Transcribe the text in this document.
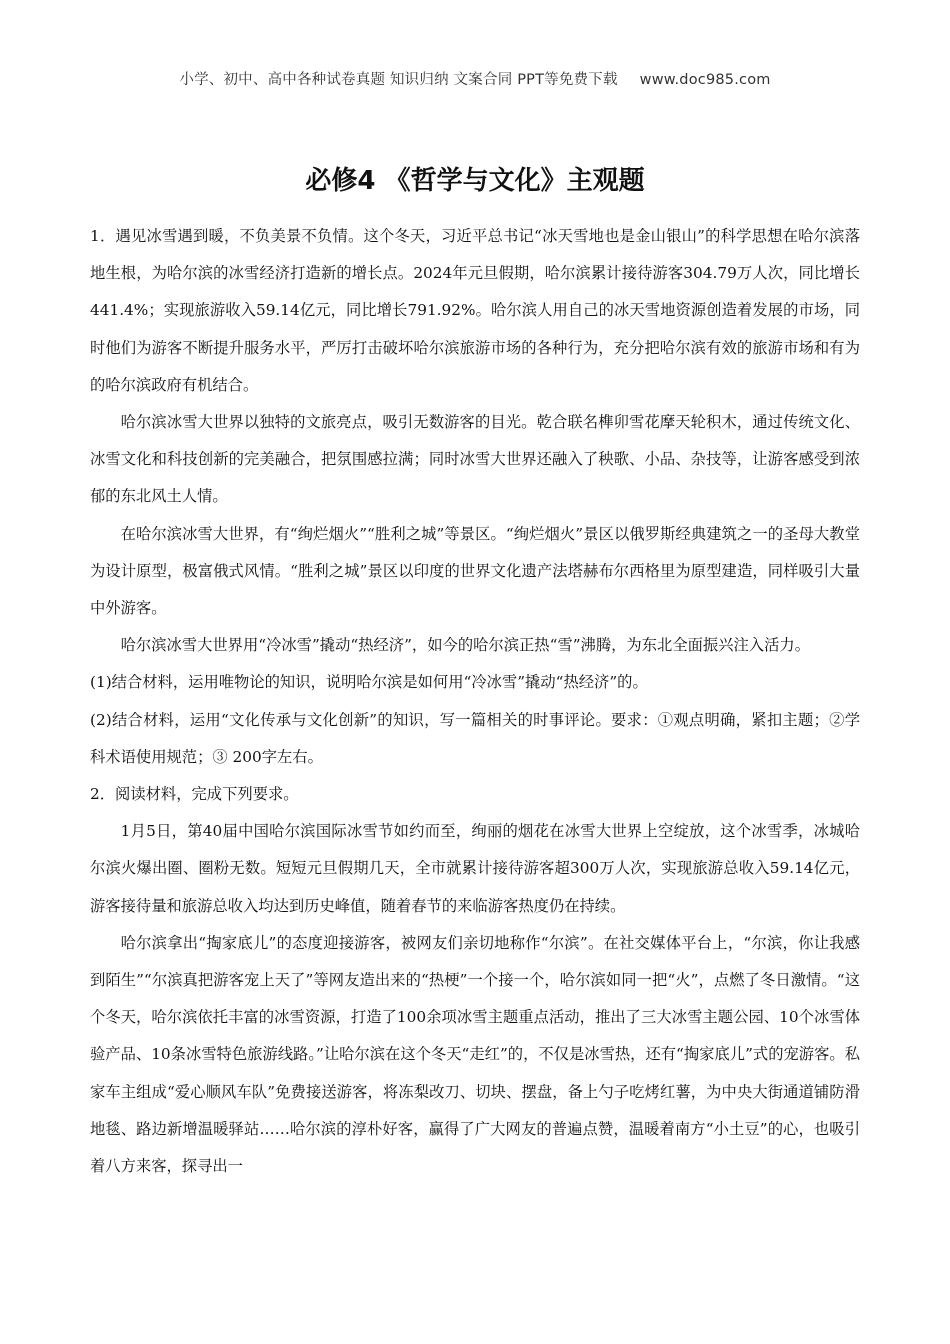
小学、初中、高中各种试卷真题 知识归纳 文案合同 PPT等免费下载 www.doc985.com
必修4 《哲学与文化》主观题

1．遇见冰雪遇到暖，不负美景不负情。这个冬天，习近平总书记“冰天雪地也是金山银山”的科学思想在哈尔滨落地生根，为哈尔滨的冰雪经济打造新的增长点。2024年元旦假期，哈尔滨累计接待游客304.79万人次，同比增长441.4%；实现旅游收入59.14亿元，同比增长791.92%。哈尔滨人用自己的冰天雪地资源创造着发展的市场，同时他们为游客不断提升服务水平，严厉打击破坏哈尔滨旅游市场的各种行为，充分把哈尔滨有效的旅游市场和有为的哈尔滨政府有机结合。

哈尔滨冰雪大世界以独特的文旅亮点，吸引无数游客的目光。乾合联名榫卯雪花摩天轮积木，通过传统文化、冰雪文化和科技创新的完美融合，把氛围感拉满；同时冰雪大世界还融入了秧歌、小品、杂技等，让游客感受到浓郁的东北风土人情。

在哈尔滨冰雪大世界，有“绚烂烟火”“胜利之城”等景区。“绚烂烟火”景区以俄罗斯经典建筑之一的圣母大教堂为设计原型，极富俄式风情。“胜利之城”景区以印度的世界文化遗产法塔赫布尔西格里为原型建造，同样吸引大量中外游客。

哈尔滨冰雪大世界用“冷冰雪”撬动“热经济”，如今的哈尔滨正热“雪”沸腾，为东北全面振兴注入活力。

(1)结合材料，运用唯物论的知识，说明哈尔滨是如何用“冷冰雪”撬动“热经济”的。

(2)结合材料，运用“文化传承与文化创新”的知识，写一篇相关的时事评论。要求：①观点明确，紧扣主题；②学科术语使用规范；③ 200字左右。

2．阅读材料，完成下列要求。

1月5日，第40届中国哈尔滨国际冰雪节如约而至，绚丽的烟花在冰雪大世界上空绽放，这个冰雪季，冰城哈尔滨火爆出圈、圈粉无数。短短元旦假期几天，全市就累计接待游客超300万人次，实现旅游总收入59.14亿元，游客接待量和旅游总收入均达到历史峰值，随着春节的来临游客热度仍在持续。

哈尔滨拿出“掏家底儿”的态度迎接游客，被网友们亲切地称作“尔滨”。在社交媒体平台上，“尔滨，你让我感到陌生”“尔滨真把游客宠上天了”等网友造出来的“热梗”一个接一个，哈尔滨如同一把“火”，点燃了冬日激情。“这个冬天，哈尔滨依托丰富的冰雪资源，打造了100余项冰雪主题重点活动，推出了三大冰雪主题公园、10个冰雪体验产品、10条冰雪特色旅游线路。”让哈尔滨在这个冬天“走红”的，不仅是冰雪热，还有“掏家底儿”式的宠游客。私家车主组成“爱心顺风车队”免费接送游客，将冻梨改刀、切块、摆盘，备上勺子吃烤红薯，为中央大街通道铺防滑地毯、路边新增温暖驿站……哈尔滨的淳朴好客，赢得了广大网友的普遍点赞，温暖着南方“小土豆”的心，也吸引着八方来客，探寻出一
